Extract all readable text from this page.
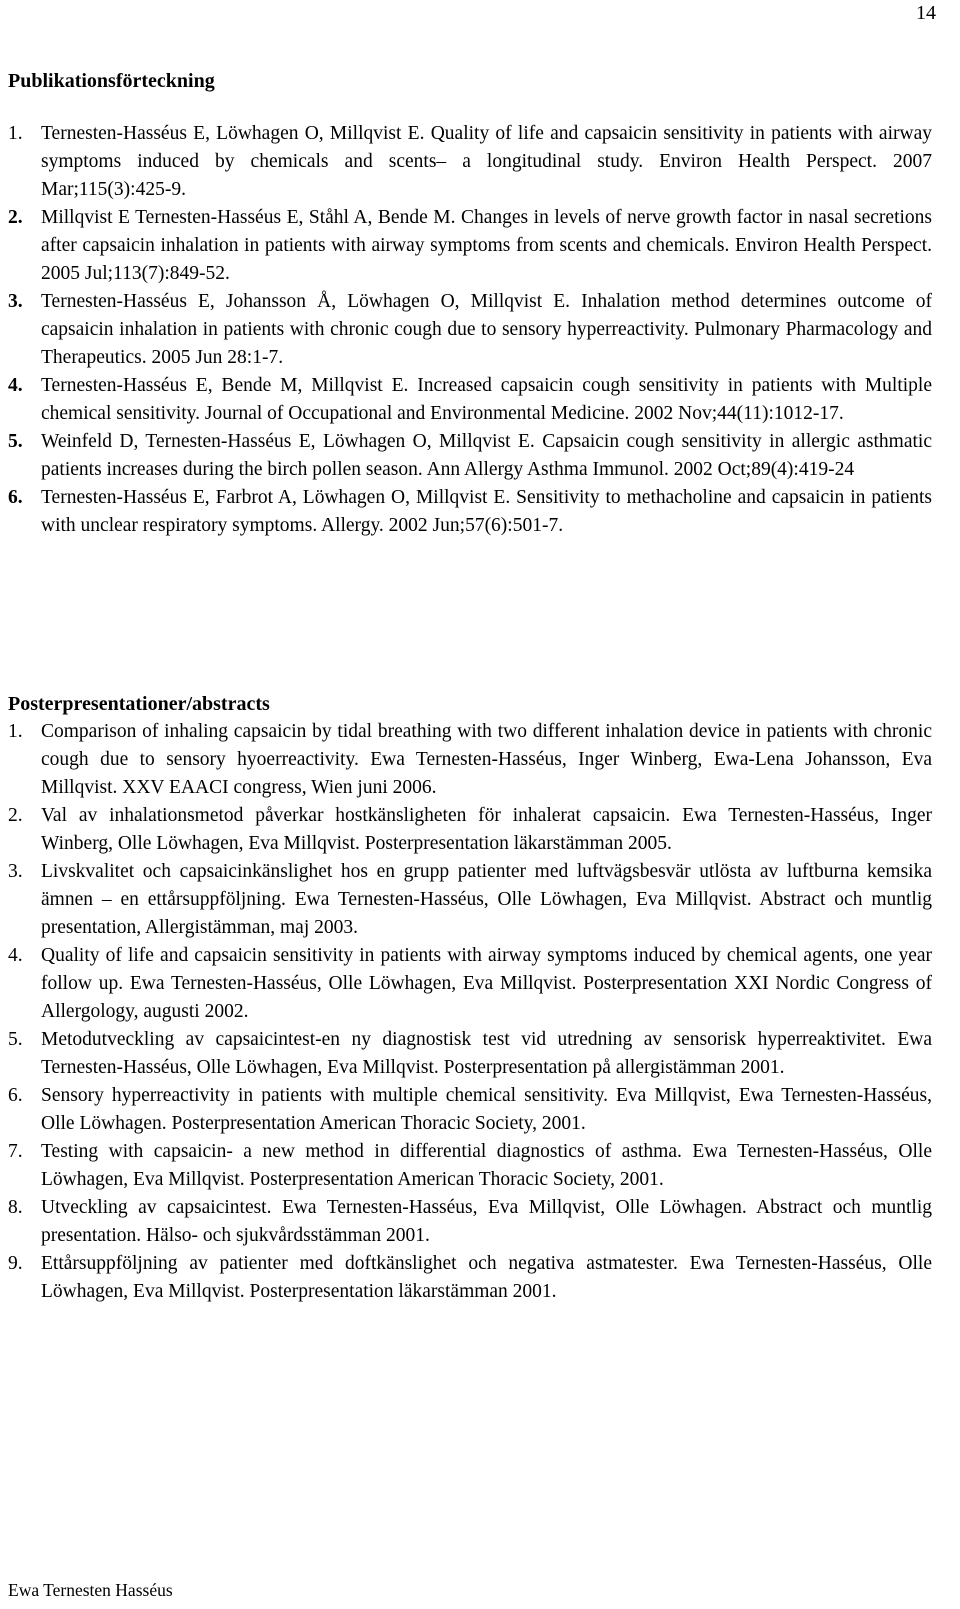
14
Publikationsförteckning
1. Ternesten-Hasséus E, Löwhagen O, Millqvist E. Quality of life and capsaicin sensitivity in patients with airway symptoms induced by chemicals and scents– a longitudinal study. Environ Health Perspect. 2007 Mar;115(3):425-9.
2. Millqvist E Ternesten-Hasséus E, Ståhl A, Bende M. Changes in levels of nerve growth factor in nasal secretions after capsaicin inhalation in patients with airway symptoms from scents and chemicals. Environ Health Perspect. 2005 Jul;113(7):849-52.
3. Ternesten-Hasséus E, Johansson Å, Löwhagen O, Millqvist E. Inhalation method determines outcome of capsaicin inhalation in patients with chronic cough due to sensory hyperreactivity. Pulmonary Pharmacology and Therapeutics. 2005 Jun 28:1-7.
4. Ternesten-Hasséus E, Bende M, Millqvist E. Increased capsaicin cough sensitivity in patients with Multiple chemical sensitivity. Journal of Occupational and Environmental Medicine. 2002 Nov;44(11):1012-17.
5. Weinfeld D, Ternesten-Hasséus E, Löwhagen O, Millqvist E. Capsaicin cough sensitivity in allergic asthmatic patients increases during the birch pollen season. Ann Allergy Asthma Immunol. 2002 Oct;89(4):419-24
6. Ternesten-Hasséus E, Farbrot A, Löwhagen O, Millqvist E. Sensitivity to methacholine and capsaicin in patients with unclear respiratory symptoms. Allergy. 2002 Jun;57(6):501-7.
Posterpresentationer/abstracts
1. Comparison of inhaling capsaicin by tidal breathing with two different inhalation device in patients with chronic cough due to sensory hyoerreactivity. Ewa Ternesten-Hasséus, Inger Winberg, Ewa-Lena Johansson, Eva Millqvist. XXV EAACI congress, Wien juni 2006.
2. Val av inhalationsmetod påverkar hostkänsligheten för inhalerat capsaicin. Ewa Ternesten-Hasséus, Inger Winberg, Olle Löwhagen, Eva Millqvist. Posterpresentation läkarstämman 2005.
3. Livskvalitet och capsaicinkänslighet hos en grupp patienter med luftvägsbesvär utlösta av luftburna kemsika ämnen – en ettårsuppföljning. Ewa Ternesten-Hasséus, Olle Löwhagen, Eva Millqvist. Abstract och muntlig presentation, Allergistämman, maj 2003.
4. Quality of life and capsaicin sensitivity in patients with airway symptoms induced by chemical agents, one year follow up. Ewa Ternesten-Hasséus, Olle Löwhagen, Eva Millqvist. Posterpresentation XXI Nordic Congress of Allergology, augusti 2002.
5. Metodutveckling av capsaicintest-en ny diagnostisk test vid utredning av sensorisk hyperreaktivitet. Ewa Ternesten-Hasséus, Olle Löwhagen, Eva Millqvist. Posterpresentation på allergistämman 2001.
6. Sensory hyperreactivity in patients with multiple chemical sensitivity. Eva Millqvist, Ewa Ternesten-Hasséus, Olle Löwhagen. Posterpresentation American Thoracic Society, 2001.
7. Testing with capsaicin- a new method in differential diagnostics of asthma. Ewa Ternesten-Hasséus, Olle Löwhagen, Eva Millqvist. Posterpresentation American Thoracic Society, 2001.
8. Utveckling av capsaicintest. Ewa Ternesten-Hasséus, Eva Millqvist, Olle Löwhagen. Abstract och muntlig presentation. Hälso- och sjukvårdsstämman 2001.
9. Ettårsuppföljning av patienter med doftkänslighet och negativa astmatester. Ewa Ternesten-Hasséus, Olle Löwhagen, Eva Millqvist. Posterpresentation läkarstämman 2001.
Ewa Ternesten Hasséus
